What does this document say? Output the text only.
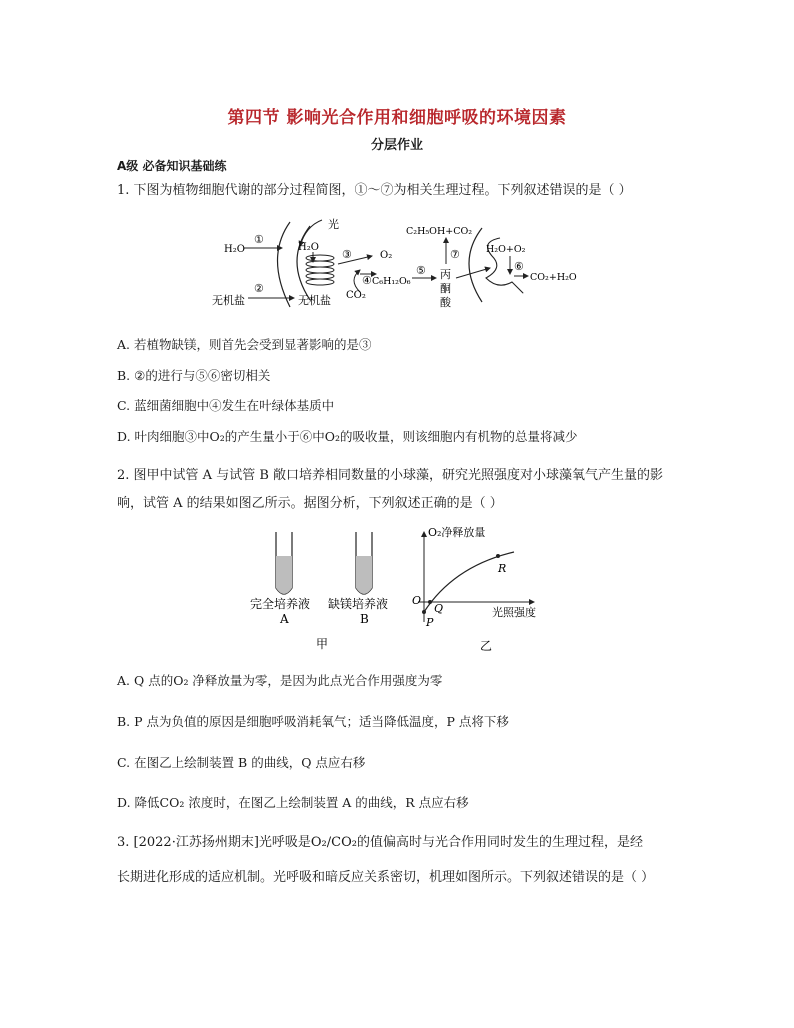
第四节 影响光合作用和细胞呼吸的环境因素
分层作业
A级 必备知识基础练
1. 下图为植物细胞代谢的部分过程简图，①～⑦为相关生理过程。下列叙述错误的是（ ）
H₂O
①
光
H₂O
③	O₂
④
CO₂
C₆H₁₂O₆
⑤ 丙
酮
酸
⑦
C₂H₅OH+CO₂
H₂O+O₂
⑥
CO₂+H₂O
无机盐
②
无机盐
A. 若植物缺镁，则首先会受到显著影响的是③
B. ②的进行与⑤⑥密切相关
C. 蓝细菌细胞中④发生在叶绿体基质中
D. 叶肉细胞③中O₂的产生量小于⑥中O₂的吸收量，则该细胞内有机物的总量将减少
2. 图甲中试管 A 与试管 B 敞口培养相同数量的小球藻，研究光照强度对小球藻氧气产生量的影
响，试管 A 的结果如图乙所示。据图分析，下列叙述正确的是（ ）
完全培养液
A
缺镁培养液
B
甲
O₂净释放量
光照强度
O
P
Q
R
乙
A. Q 点的O₂ 净释放量为零，是因为此点光合作用强度为零
B. P 点为负值的原因是细胞呼吸消耗氧气；适当降低温度，P 点将下移
C. 在图乙上绘制装置 B 的曲线，Q 点应右移
D. 降低CO₂ 浓度时，在图乙上绘制装置 A 的曲线，R 点应右移
3. [2022·江苏扬州期末]光呼吸是O₂/CO₂的值偏高时与光合作用同时发生的生理过程，是经
长期进化形成的适应机制。光呼吸和暗反应关系密切，机理如图所示。下列叙述错误的是（ ）
